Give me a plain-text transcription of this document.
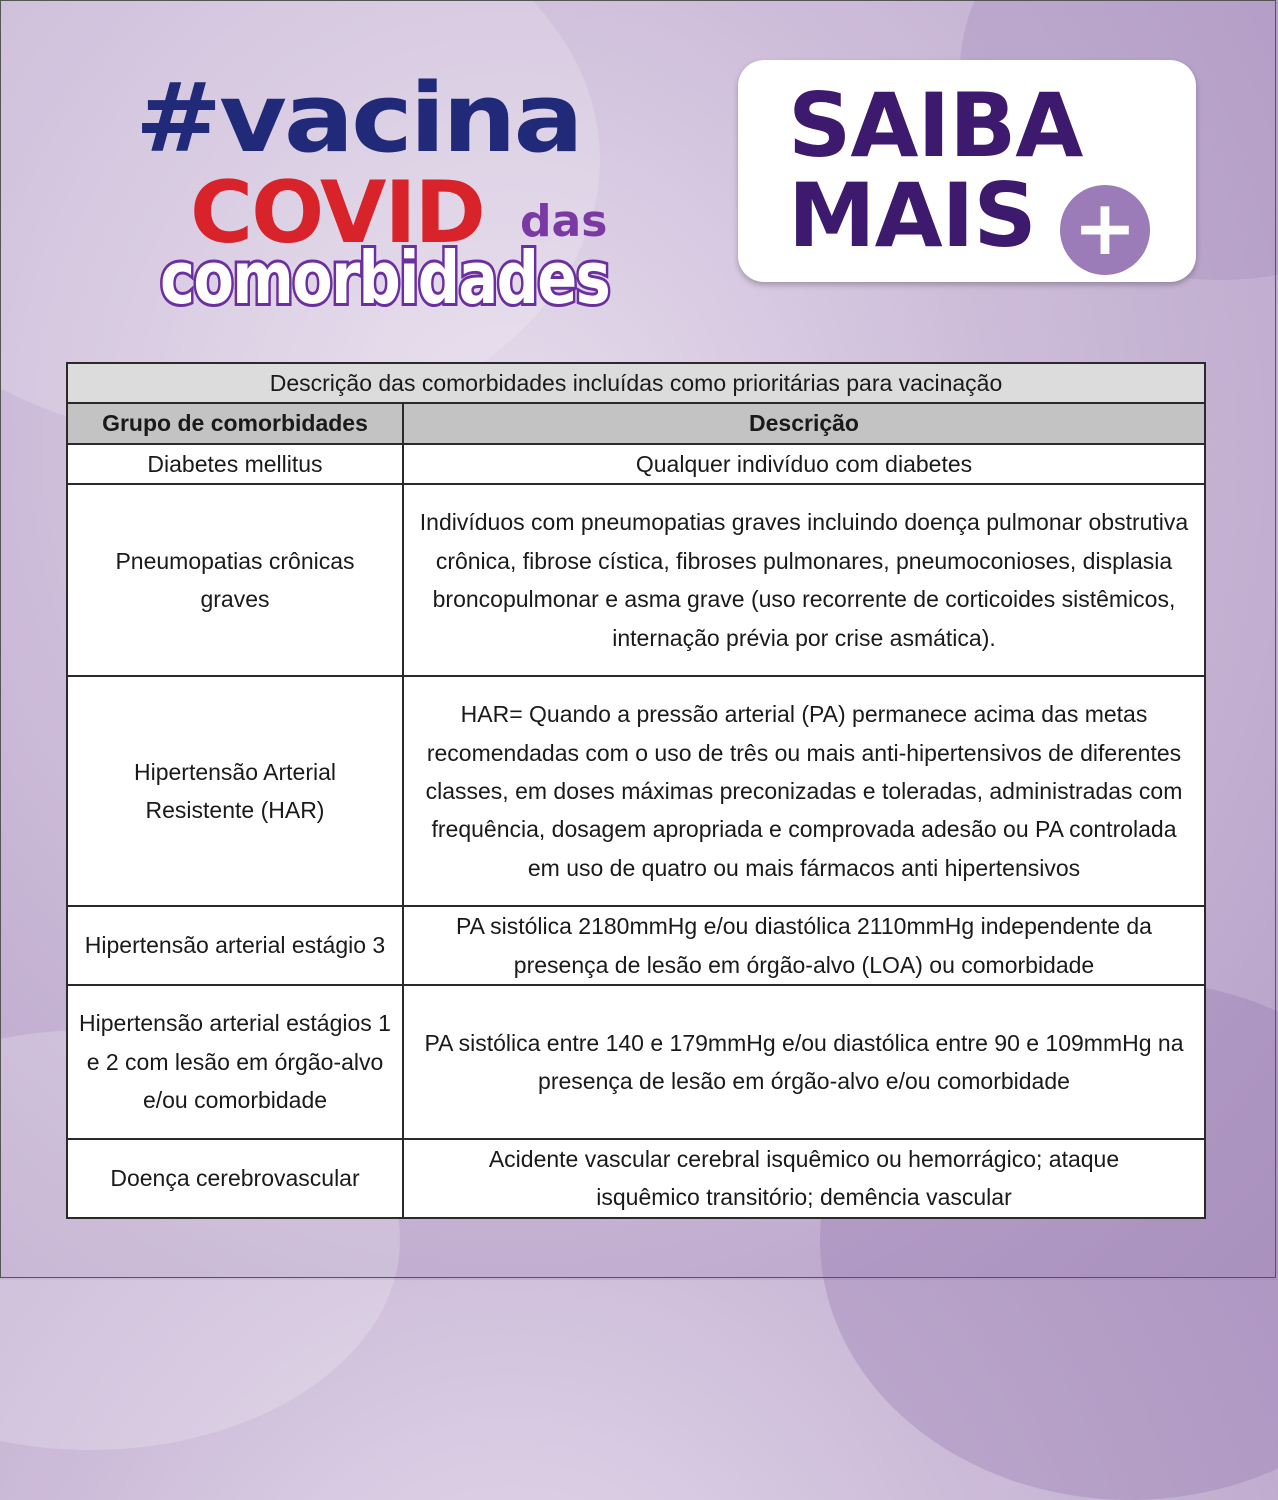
#vacina
COVID das
comorbidades
SAIBA
MAIS +
Descrição das comorbidades incluídas como prioritárias para vacinação	
Grupo de comorbidades	Descrição
Diabetes mellitus	Qualquer indivíduo com diabetes
Pneumopatias crônicas graves	Indivíduos com pneumopatias graves incluindo doença pulmonar obstrutiva crônica, fibrose cística, fibroses pulmonares, pneumoconioses, displasia broncopulmonar e asma grave (uso recorrente de corticoides sistêmicos, internação prévia por crise asmática).
Hipertensão Arterial Resistente (HAR)	HAR= Quando a pressão arterial (PA) permanece acima das metas recomendadas com o uso de três ou mais anti-hipertensivos de diferentes classes, em doses máximas preconizadas e toleradas, administradas com frequência, dosagem apropriada e comprovada adesão ou PA controlada em uso de quatro ou mais fármacos anti hipertensivos
Hipertensão arterial estágio 3	PA sistólica 2180mmHg e/ou diastólica 2110mmHg independente da presença de lesão em órgão-alvo (LOA) ou comorbidade
Hipertensão arterial estágios 1 e 2 com lesão em órgão-alvo e/ou comorbidade	PA sistólica entre 140 e 179mmHg e/ou diastólica entre 90 e 109mmHg na presença de lesão em órgão-alvo e/ou comorbidade
Doença cerebrovascular	Acidente vascular cerebral isquêmico ou hemorrágico; ataque isquêmico transitório; demência vascular
